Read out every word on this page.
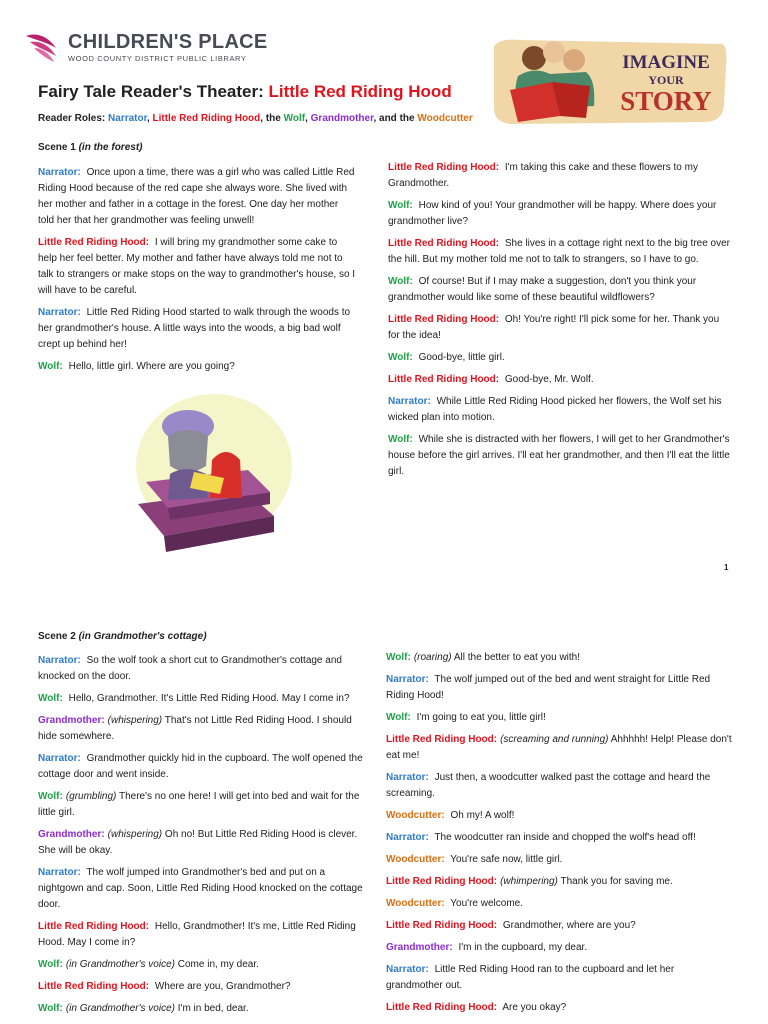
CHILDREN'S PLACE
WOOD COUNTY DISTRICT PUBLIC LIBRARY	IMAGINE
YOUR
STORY
Fairy Tale Reader's Theater: Little Red Riding Hood
Reader Roles: Narrator, Little Red Riding Hood, the Wolf, Grandmother, and the Woodcutter

Scene 1 (in the forest)

Narrator: Once upon a time, there was a girl who was called Little Red Riding Hood because of the red cape she always wore. She lived with her mother and father in a cottage in the forest. One day her mother told her that her grandmother was feeling unwell!

Little Red Riding Hood: I will bring my grandmother some cake to help her feel better. My mother and father have always told me not to talk to strangers or make stops on the way to grandmother's house, so I will have to be careful.

Narrator: Little Red Riding Hood started to walk through the woods to her grandmother's house. A little ways into the woods, a big bad wolf crept up behind her!

Wolf: Hello, little girl. Where are you going?

Little Red Riding Hood: I'm taking this cake and these flowers to my Grandmother.

Wolf: How kind of you! Your grandmother will be happy. Where does your grandmother live?

Little Red Riding Hood: She lives in a cottage right next to the big tree over the hill. But my mother told me not to talk to strangers, so I have to go.

Wolf: Of course! But if I may make a suggestion, don't you think your grandmother would like some of these beautiful wildflowers?

Little Red Riding Hood: Oh! You're right! I'll pick some for her. Thank you for the idea!

Wolf: Good-bye, little girl.

Little Red Riding Hood: Good-bye, Mr. Wolf.

Narrator: While Little Red Riding Hood picked her flowers, the Wolf set his wicked plan into motion.

Wolf: While she is distracted with her flowers, I will get to her Grandmother's house before the girl arrives. I'll eat her grandmother, and then I'll eat the little girl.

1

Scene 2 (in Grandmother's cottage)

Narrator: So the wolf took a short cut to Grandmother's cottage and knocked on the door.

Wolf: Hello, Grandmother. It's Little Red Riding Hood. May I come in?

Grandmother: (whispering) That's not Little Red Riding Hood. I should hide somewhere.

Narrator: Grandmother quickly hid in the cupboard. The wolf opened the cottage door and went inside.

Wolf: (grumbling) There's no one here! I will get into bed and wait for the little girl.

Grandmother: (whispering) Oh no! But Little Red Riding Hood is clever. She will be okay.

Narrator: The wolf jumped into Grandmother's bed and put on a nightgown and cap. Soon, Little Red Riding Hood knocked on the cottage door.

Little Red Riding Hood: Hello, Grandmother! It's me, Little Red Riding Hood. May I come in?

Wolf: (in Grandmother's voice) Come in, my dear.

Little Red Riding Hood: Where are you, Grandmother?

Wolf: (in Grandmother's voice) I'm in bed, dear.

Wolf: (roaring) All the better to eat you with!

Narrator: The wolf jumped out of the bed and went straight for Little Red Riding Hood!

Wolf: I'm going to eat you, little girl!

Little Red Riding Hood: (screaming and running) Ahhhhh! Help! Please don't eat me!

Narrator: Just then, a woodcutter walked past the cottage and heard the screaming.

Woodcutter: Oh my! A wolf!

Narrator: The woodcutter ran inside and chopped the wolf's head off!

Woodcutter: You're safe now, little girl.

Little Red Riding Hood: (whimpering) Thank you for saving me.

Woodcutter: You're welcome.

Little Red Riding Hood: Grandmother, where are you?

Grandmother: I'm in the cupboard, my dear.

Narrator: Little Red Riding Hood ran to the cupboard and let her grandmother out.

Little Red Riding Hood: Are you okay?
